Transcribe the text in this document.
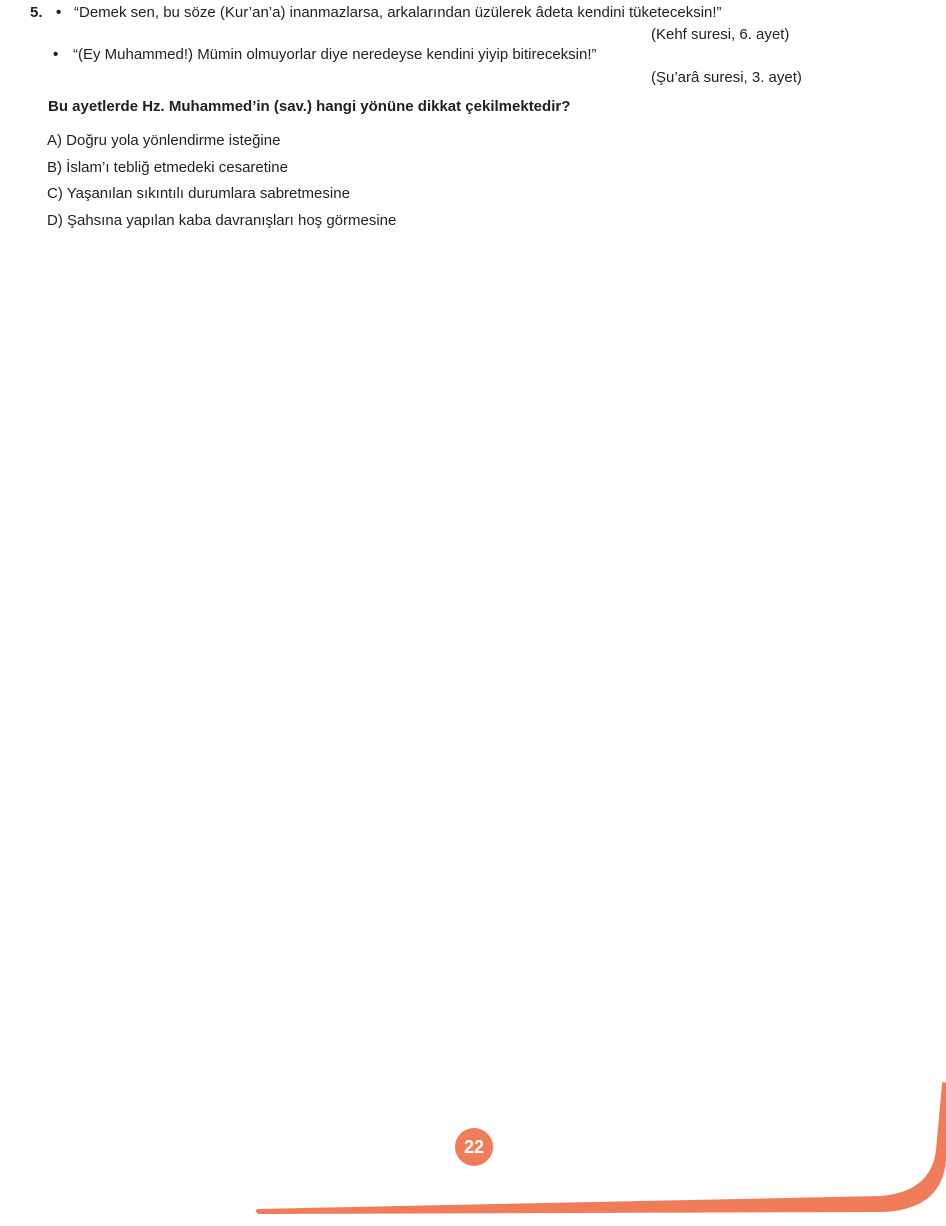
5. • “Demek sen, bu söze (Kur’an’a) inanmazlarsa, arkalarından üzülerek âdeta kendini tüketeceksin!”
(Kehf suresi, 6. ayet)
• “(Ey Muhammed!) Mümin olmuyorlar diye neredeyse kendini yiyip bitireceksin!”
(Şu’arâ suresi, 3. ayet)
Bu ayetlerde Hz. Muhammed’in (sav.) hangi yönüne dikkat çekilmektedir?
A) Doğru yola yönlendirme isteğine
B) İslam’ı tebliğ etmedeki cesaretine
C) Yaşanılan sıkıntılı durumlara sabretmesine
D) Şahsına yapılan kaba davranışları hoş görmesine
22
